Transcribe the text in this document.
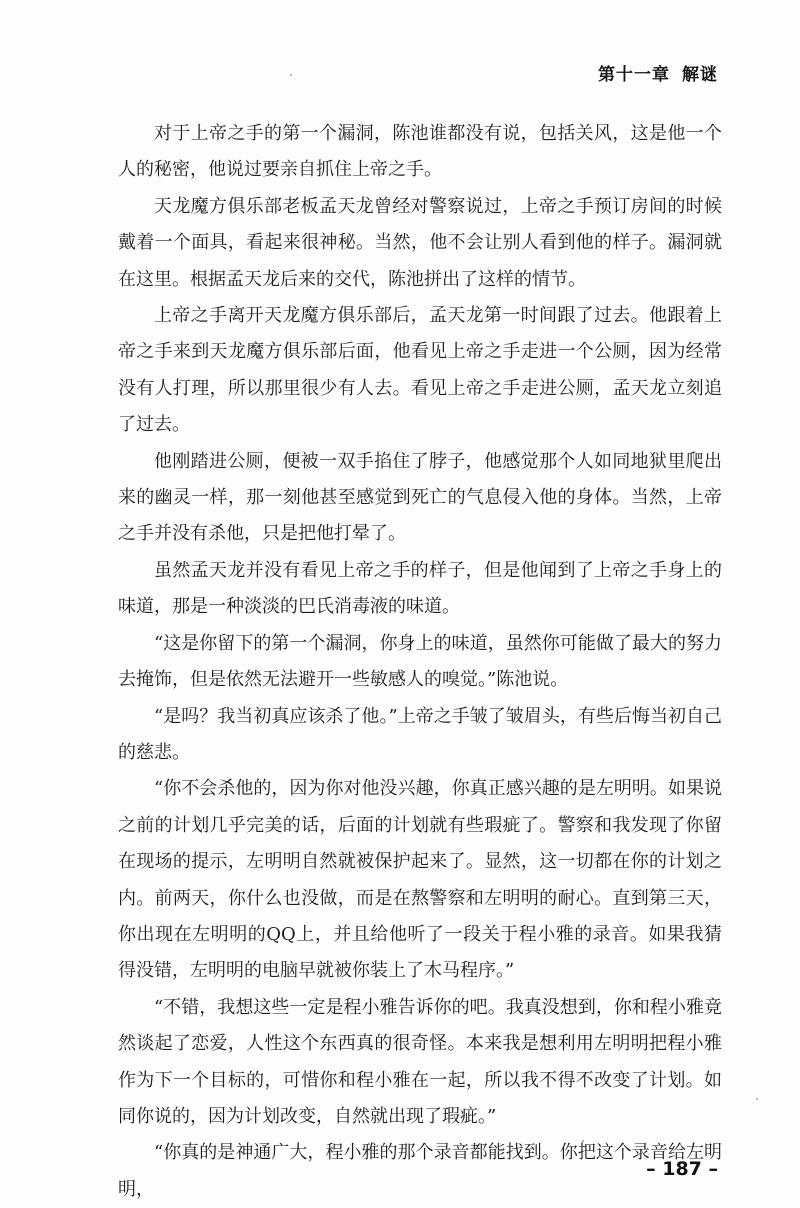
第十一章 解谜

对于上帝之手的第一个漏洞，陈池谁都没有说，包括关风，这是他一个人的秘密，他说过要亲自抓住上帝之手。

天龙魔方俱乐部老板孟天龙曾经对警察说过，上帝之手预订房间的时候戴着一个面具，看起来很神秘。当然，他不会让别人看到他的样子。漏洞就在这里。根据孟天龙后来的交代，陈池拼出了这样的情节。

上帝之手离开天龙魔方俱乐部后，孟天龙第一时间跟了过去。他跟着上帝之手来到天龙魔方俱乐部后面，他看见上帝之手走进一个公厕，因为经常没有人打理，所以那里很少有人去。看见上帝之手走进公厕，孟天龙立刻追了过去。

他刚踏进公厕，便被一双手掐住了脖子，他感觉那个人如同地狱里爬出来的幽灵一样，那一刻他甚至感觉到死亡的气息侵入他的身体。当然，上帝之手并没有杀他，只是把他打晕了。

虽然孟天龙并没有看见上帝之手的样子，但是他闻到了上帝之手身上的味道，那是一种淡淡的巴氏消毒液的味道。

“这是你留下的第一个漏洞，你身上的味道，虽然你可能做了最大的努力去掩饰，但是依然无法避开一些敏感人的嗅觉。”陈池说。

“是吗？我当初真应该杀了他。”上帝之手皱了皱眉头，有些后悔当初自己的慈悲。

“你不会杀他的，因为你对他没兴趣，你真正感兴趣的是左明明。如果说之前的计划几乎完美的话，后面的计划就有些瑕疵了。警察和我发现了你留在现场的提示，左明明自然就被保护起来了。显然，这一切都在你的计划之内。前两天，你什么也没做，而是在熬警察和左明明的耐心。直到第三天，你出现在左明明的QQ上，并且给他听了一段关于程小雅的录音。如果我猜得没错，左明明的电脑早就被你装上了木马程序。”

“不错，我想这些一定是程小雅告诉你的吧。我真没想到，你和程小雅竟然谈起了恋爱，人性这个东西真的很奇怪。本来我是想利用左明明把程小雅作为下一个目标的，可惜你和程小雅在一起，所以我不得不改变了计划。如同你说的，因为计划改变，自然就出现了瑕疵。”

“你真的是神通广大，程小雅的那个录音都能找到。你把这个录音给左明明，

– 187 –
